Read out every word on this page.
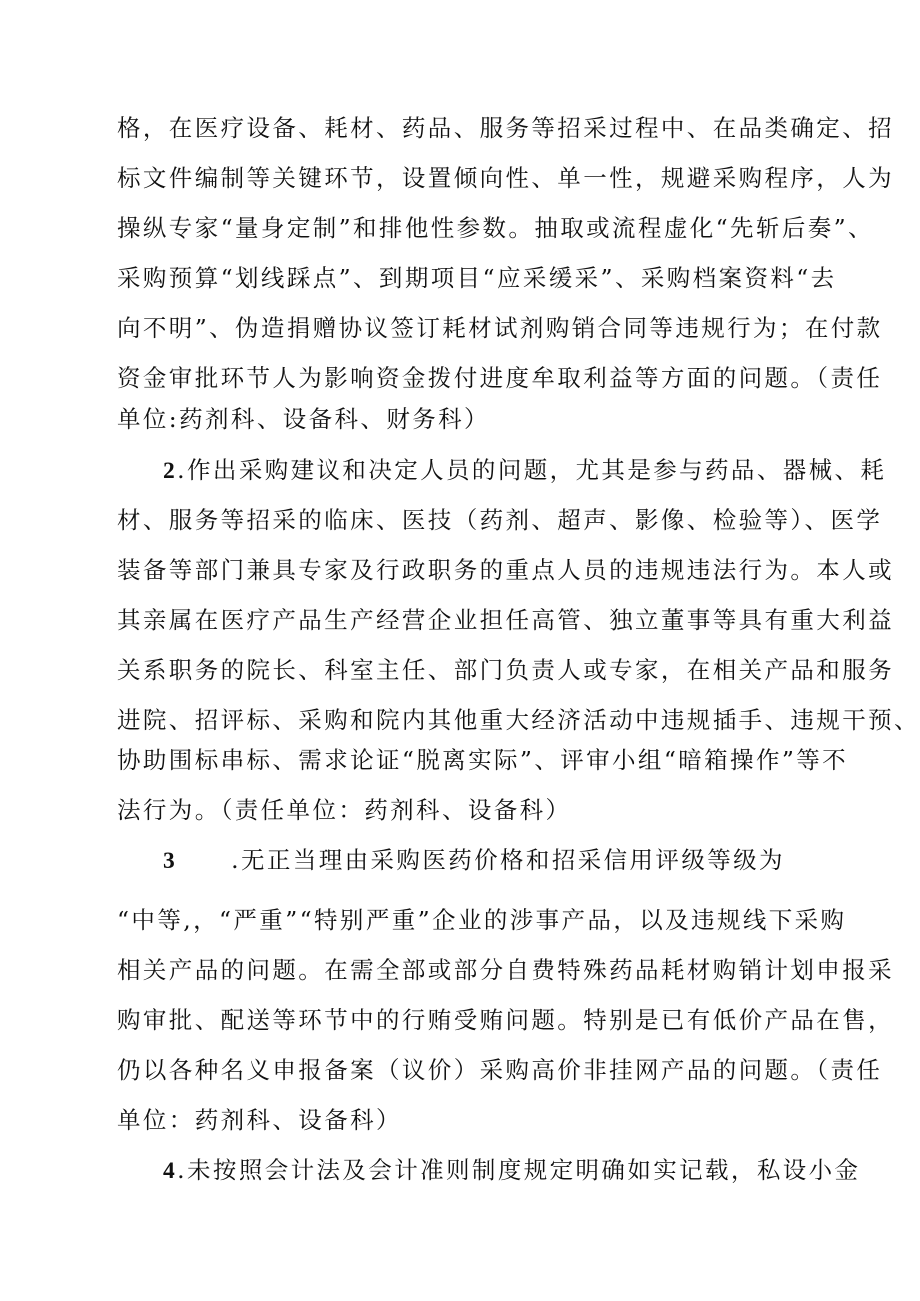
格，在医疗设备、耗材、药品、服务等招采过程中、在品类确定、招
标文件编制等关键环节，设置倾向性、单一性，规避采购程序，人为
操纵专家“量身定制”和排他性参数。抽取或流程虚化“先斩后奏”、
采购预算“划线踩点”、到期项目“应采缓采”、采购档案资料“去
向不明”、伪造捐赠协议签订耗材试剂购销合同等违规行为；在付款
资金审批环节人为影响资金拨付进度牟取利益等方面的问题。（责任
单位:药剂科、设备科、财务科）
2.作出采购建议和决定人员的问题，尤其是参与药品、器械、耗
材、服务等招采的临床、医技（药剂、超声、影像、检验等）、医学
装备等部门兼具专家及行政职务的重点人员的违规违法行为。本人或
其亲属在医疗产品生产经营企业担任高管、独立董事等具有重大利益
关系职务的院长、科室主任、部门负责人或专家，在相关产品和服务
进院、招评标、采购和院内其他重大经济活动中违规插手、违规干预、
协助围标串标、需求论证“脱离实际”、评审小组“暗箱操作”等不
法行为。（责任单位：药剂科、设备科）
3 .无正当理由采购医药价格和招采信用评级等级为
“中等,，“严重”“特别严重”企业的涉事产品，以及违规线下采购
相关产品的问题。在需全部或部分自费特殊药品耗材购销计划申报采
购审批、配送等环节中的行贿受贿问题。特别是已有低价产品在售，
仍以各种名义申报备案（议价）采购高价非挂网产品的问题。（责任
单位：药剂科、设备科）
4.未按照会计法及会计准则制度规定明确如实记载，私设小金
